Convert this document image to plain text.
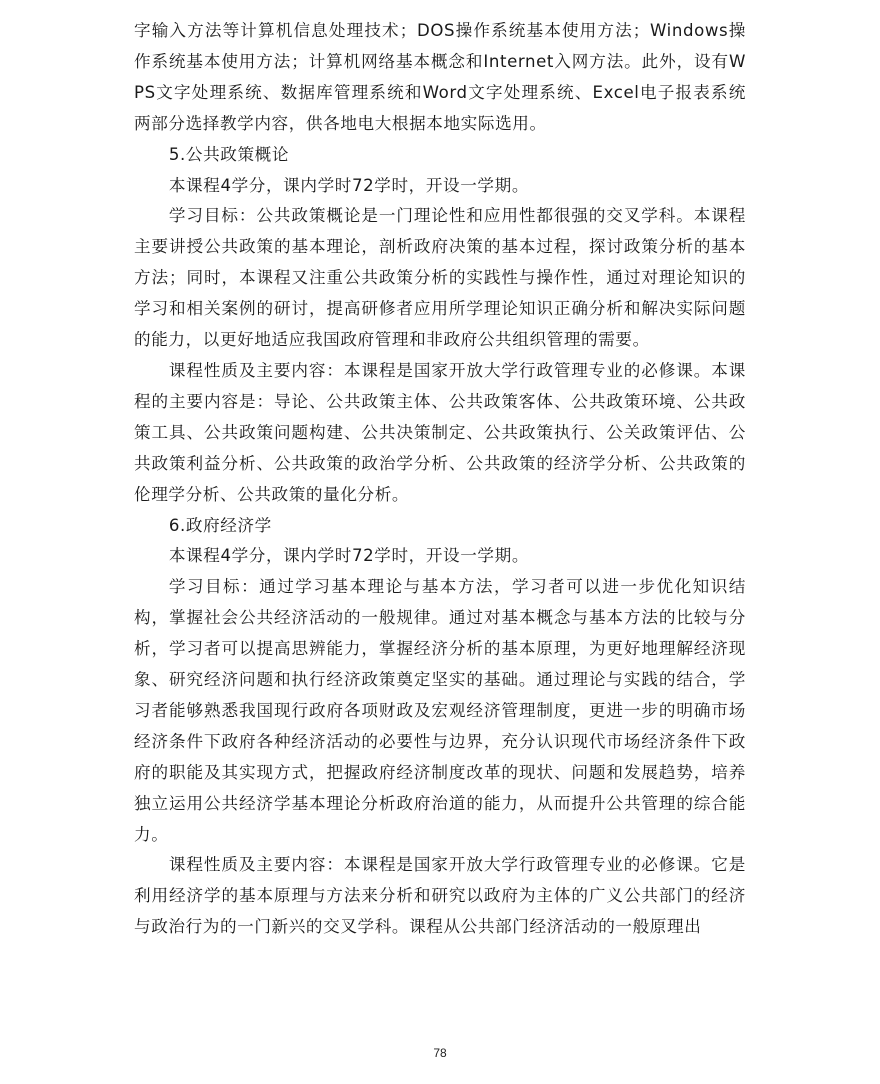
字输入方法等计算机信息处理技术；DOS操作系统基本使用方法；Windows操作系统基本使用方法；计算机网络基本概念和Internet入网方法。此外，设有WPS文字处理系统、数据库管理系统和Word文字处理系统、Excel电子报表系统两部分选择教学内容，供各地电大根据本地实际选用。

5.公共政策概论

本课程4学分，课内学时72学时，开设一学期。

学习目标：公共政策概论是一门理论性和应用性都很强的交叉学科。本课程主要讲授公共政策的基本理论，剖析政府决策的基本过程，探讨政策分析的基本方法；同时，本课程又注重公共政策分析的实践性与操作性，通过对理论知识的学习和相关案例的研讨，提高研修者应用所学理论知识正确分析和解决实际问题的能力，以更好地适应我国政府管理和非政府公共组织管理的需要。

课程性质及主要内容：本课程是国家开放大学行政管理专业的必修课。本课程的主要内容是：导论、公共政策主体、公共政策客体、公共政策环境、公共政策工具、公共政策问题构建、公共决策制定、公共政策执行、公关政策评估、公共政策利益分析、公共政策的政治学分析、公共政策的经济学分析、公共政策的伦理学分析、公共政策的量化分析。

6.政府经济学

本课程4学分，课内学时72学时，开设一学期。

学习目标：通过学习基本理论与基本方法，学习者可以进一步优化知识结构，掌握社会公共经济活动的一般规律。通过对基本概念与基本方法的比较与分析，学习者可以提高思辨能力，掌握经济分析的基本原理，为更好地理解经济现象、研究经济问题和执行经济政策奠定坚实的基础。通过理论与实践的结合，学习者能够熟悉我国现行政府各项财政及宏观经济管理制度，更进一步的明确市场经济条件下政府各种经济活动的必要性与边界，充分认识现代市场经济条件下政府的职能及其实现方式，把握政府经济制度改革的现状、问题和发展趋势，培养独立运用公共经济学基本理论分析政府治道的能力，从而提升公共管理的综合能力。

课程性质及主要内容：本课程是国家开放大学行政管理专业的必修课。它是利用经济学的基本原理与方法来分析和研究以政府为主体的广义公共部门的经济与政治行为的一门新兴的交叉学科。课程从公共部门经济活动的一般原理出

78
